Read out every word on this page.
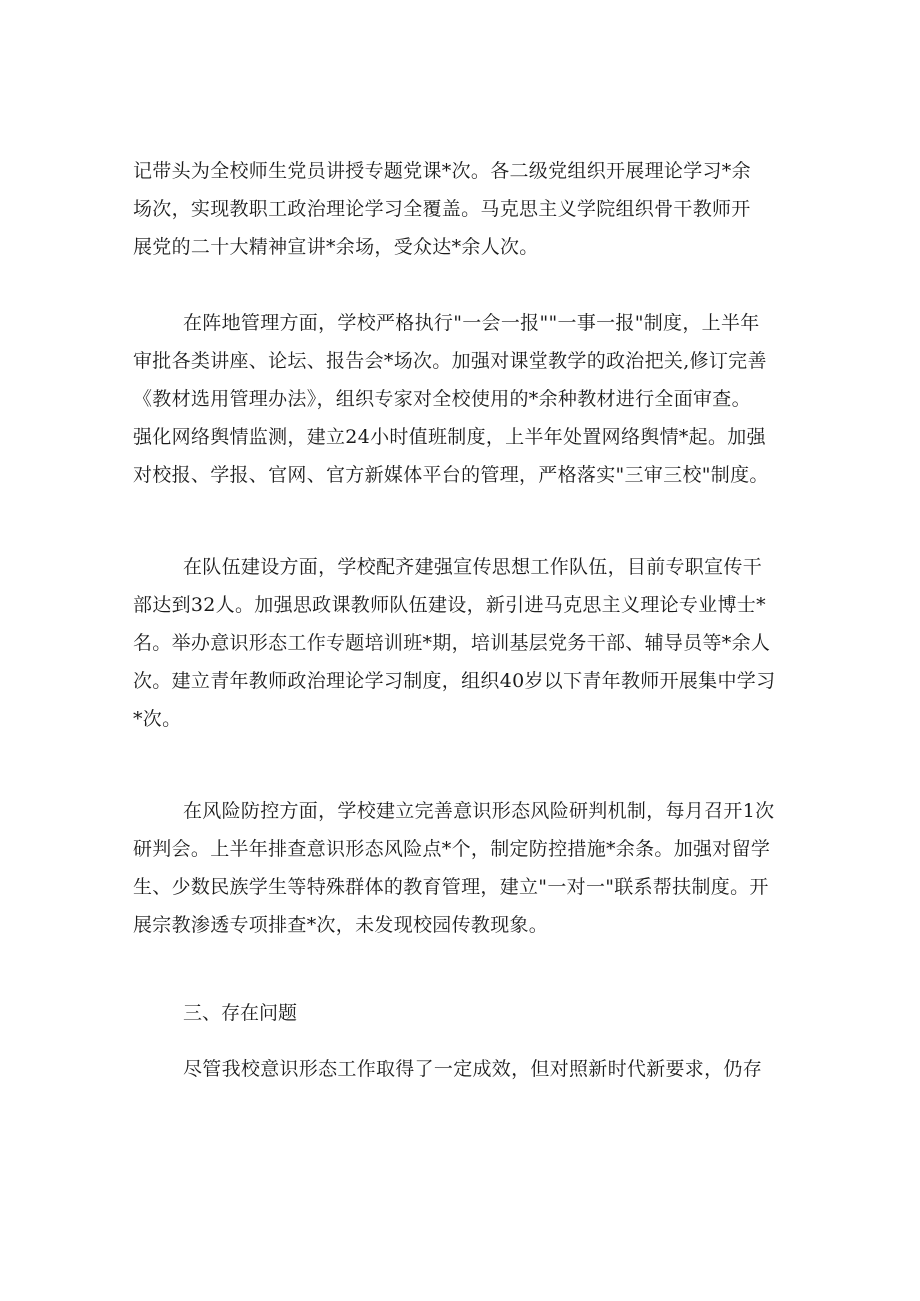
记带头为全校师生党员讲授专题党课*次。各二级党组织开展理论学习*余
场次，实现教职工政治理论学习全覆盖。马克思主义学院组织骨干教师开
展党的二十大精神宣讲*余场，受众达*余人次。
在阵地管理方面，学校严格执行"一会一报""一事一报"制度，上半年
审批各类讲座、论坛、报告会*场次。加强对课堂教学的政治把关,修订完善
《教材选用管理办法》，组织专家对全校使用的*余种教材进行全面审查。
强化网络舆情监测，建立24小时值班制度，上半年处置网络舆情*起。加强
对校报、学报、官网、官方新媒体平台的管理，严格落实"三审三校"制度。
在队伍建设方面，学校配齐建强宣传思想工作队伍，目前专职宣传干
部达到32人。加强思政课教师队伍建设，新引进马克思主义理论专业博士*
名。举办意识形态工作专题培训班*期，培训基层党务干部、辅导员等*余人
次。建立青年教师政治理论学习制度，组织40岁以下青年教师开展集中学习
*次。
在风险防控方面，学校建立完善意识形态风险研判机制，每月召开1次
研判会。上半年排查意识形态风险点*个，制定防控措施*余条。加强对留学
生、少数民族学生等特殊群体的教育管理，建立"一对一"联系帮扶制度。开
展宗教渗透专项排查*次，未发现校园传教现象。
三、存在问题
尽管我校意识形态工作取得了一定成效，但对照新时代新要求，仍存
